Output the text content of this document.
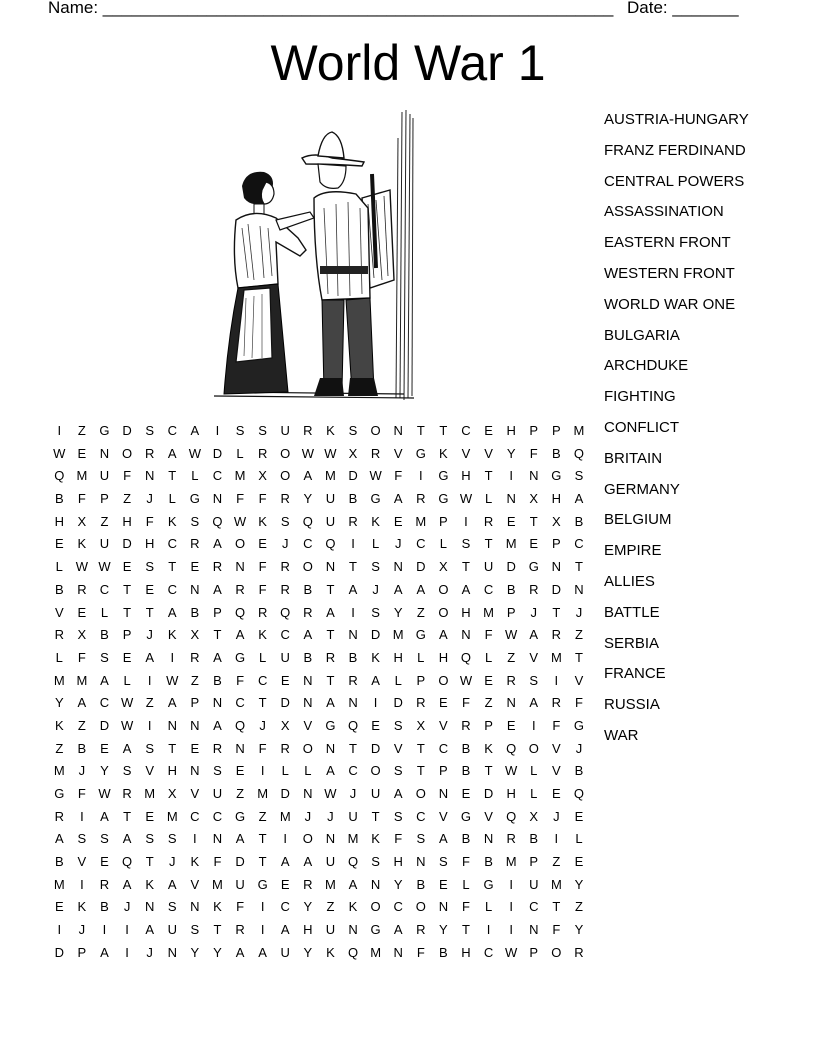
Name: ______________________________________________________ Date: _______
World War 1
I Z G D S C A I S S U R K S O N T T C E H P P M
W E N O R A W D L R O W W X R V G K V V Y F B Q
Q M U F N T L C M X O A M D W F I G H T I N G S
B F P Z J L G N F F R Y U B G A R G W L N X H A
H X Z H F K S Q W K S Q U R K E M P I R E T X B
E K U D H C R A O E J C Q I L J C L S T M E P C
L W W E S T E R N F R O N T S N D X T U D G N T
B R C T E C N A R F R B T A J A A O A C B R D N
V E L T T A B P Q R Q R A I S Y Z O H M P J T J
R X B P J K X T A K C A T N D M G A N F W A R Z
L F S E A I R A G L U B R B K H L H Q L Z V M T
M M A L I W Z B F C E N T R A L P O W E R S I V
Y A C W Z A P N C T D N A N I D R E F Z N A R F
K Z D W I N N A Q J X V G Q E S X V R P E I F G
Z B E A S T E R N F R O N T D V T C B K Q O V J
M J Y S V H N S E I L L A C O S T P B T W L V B
G F W R M X V U Z M D N W J U A O N E D H L E Q
R I A T E M C C G Z M J J U T S C V G V Q X J E
A S S A S S I N A T I O N M K F S A B N R B I L
B V E Q T J K F D T A A U Q S H N S F B M P Z E
M I R A K A V M U G E R M A N Y B E L G I U M Y
E K B J N S N K F I C Y Z K O C O N F L I C T Z
I J I I A U S T R I A H U N G A R Y T I I N F Y
D P A I J N Y Y A A U Y K Q M N F B H C W P O R
AUSTRIA-HUNGARY
FRANZ FERDINAND
CENTRAL POWERS
ASSASSINATION
EASTERN FRONT
WESTERN FRONT
WORLD WAR ONE
BULGARIA
ARCHDUKE
FIGHTING
CONFLICT
BRITAIN
GERMANY
BELGIUM
EMPIRE
ALLIES
BATTLE
SERBIA
FRANCE
RUSSIA
WAR
